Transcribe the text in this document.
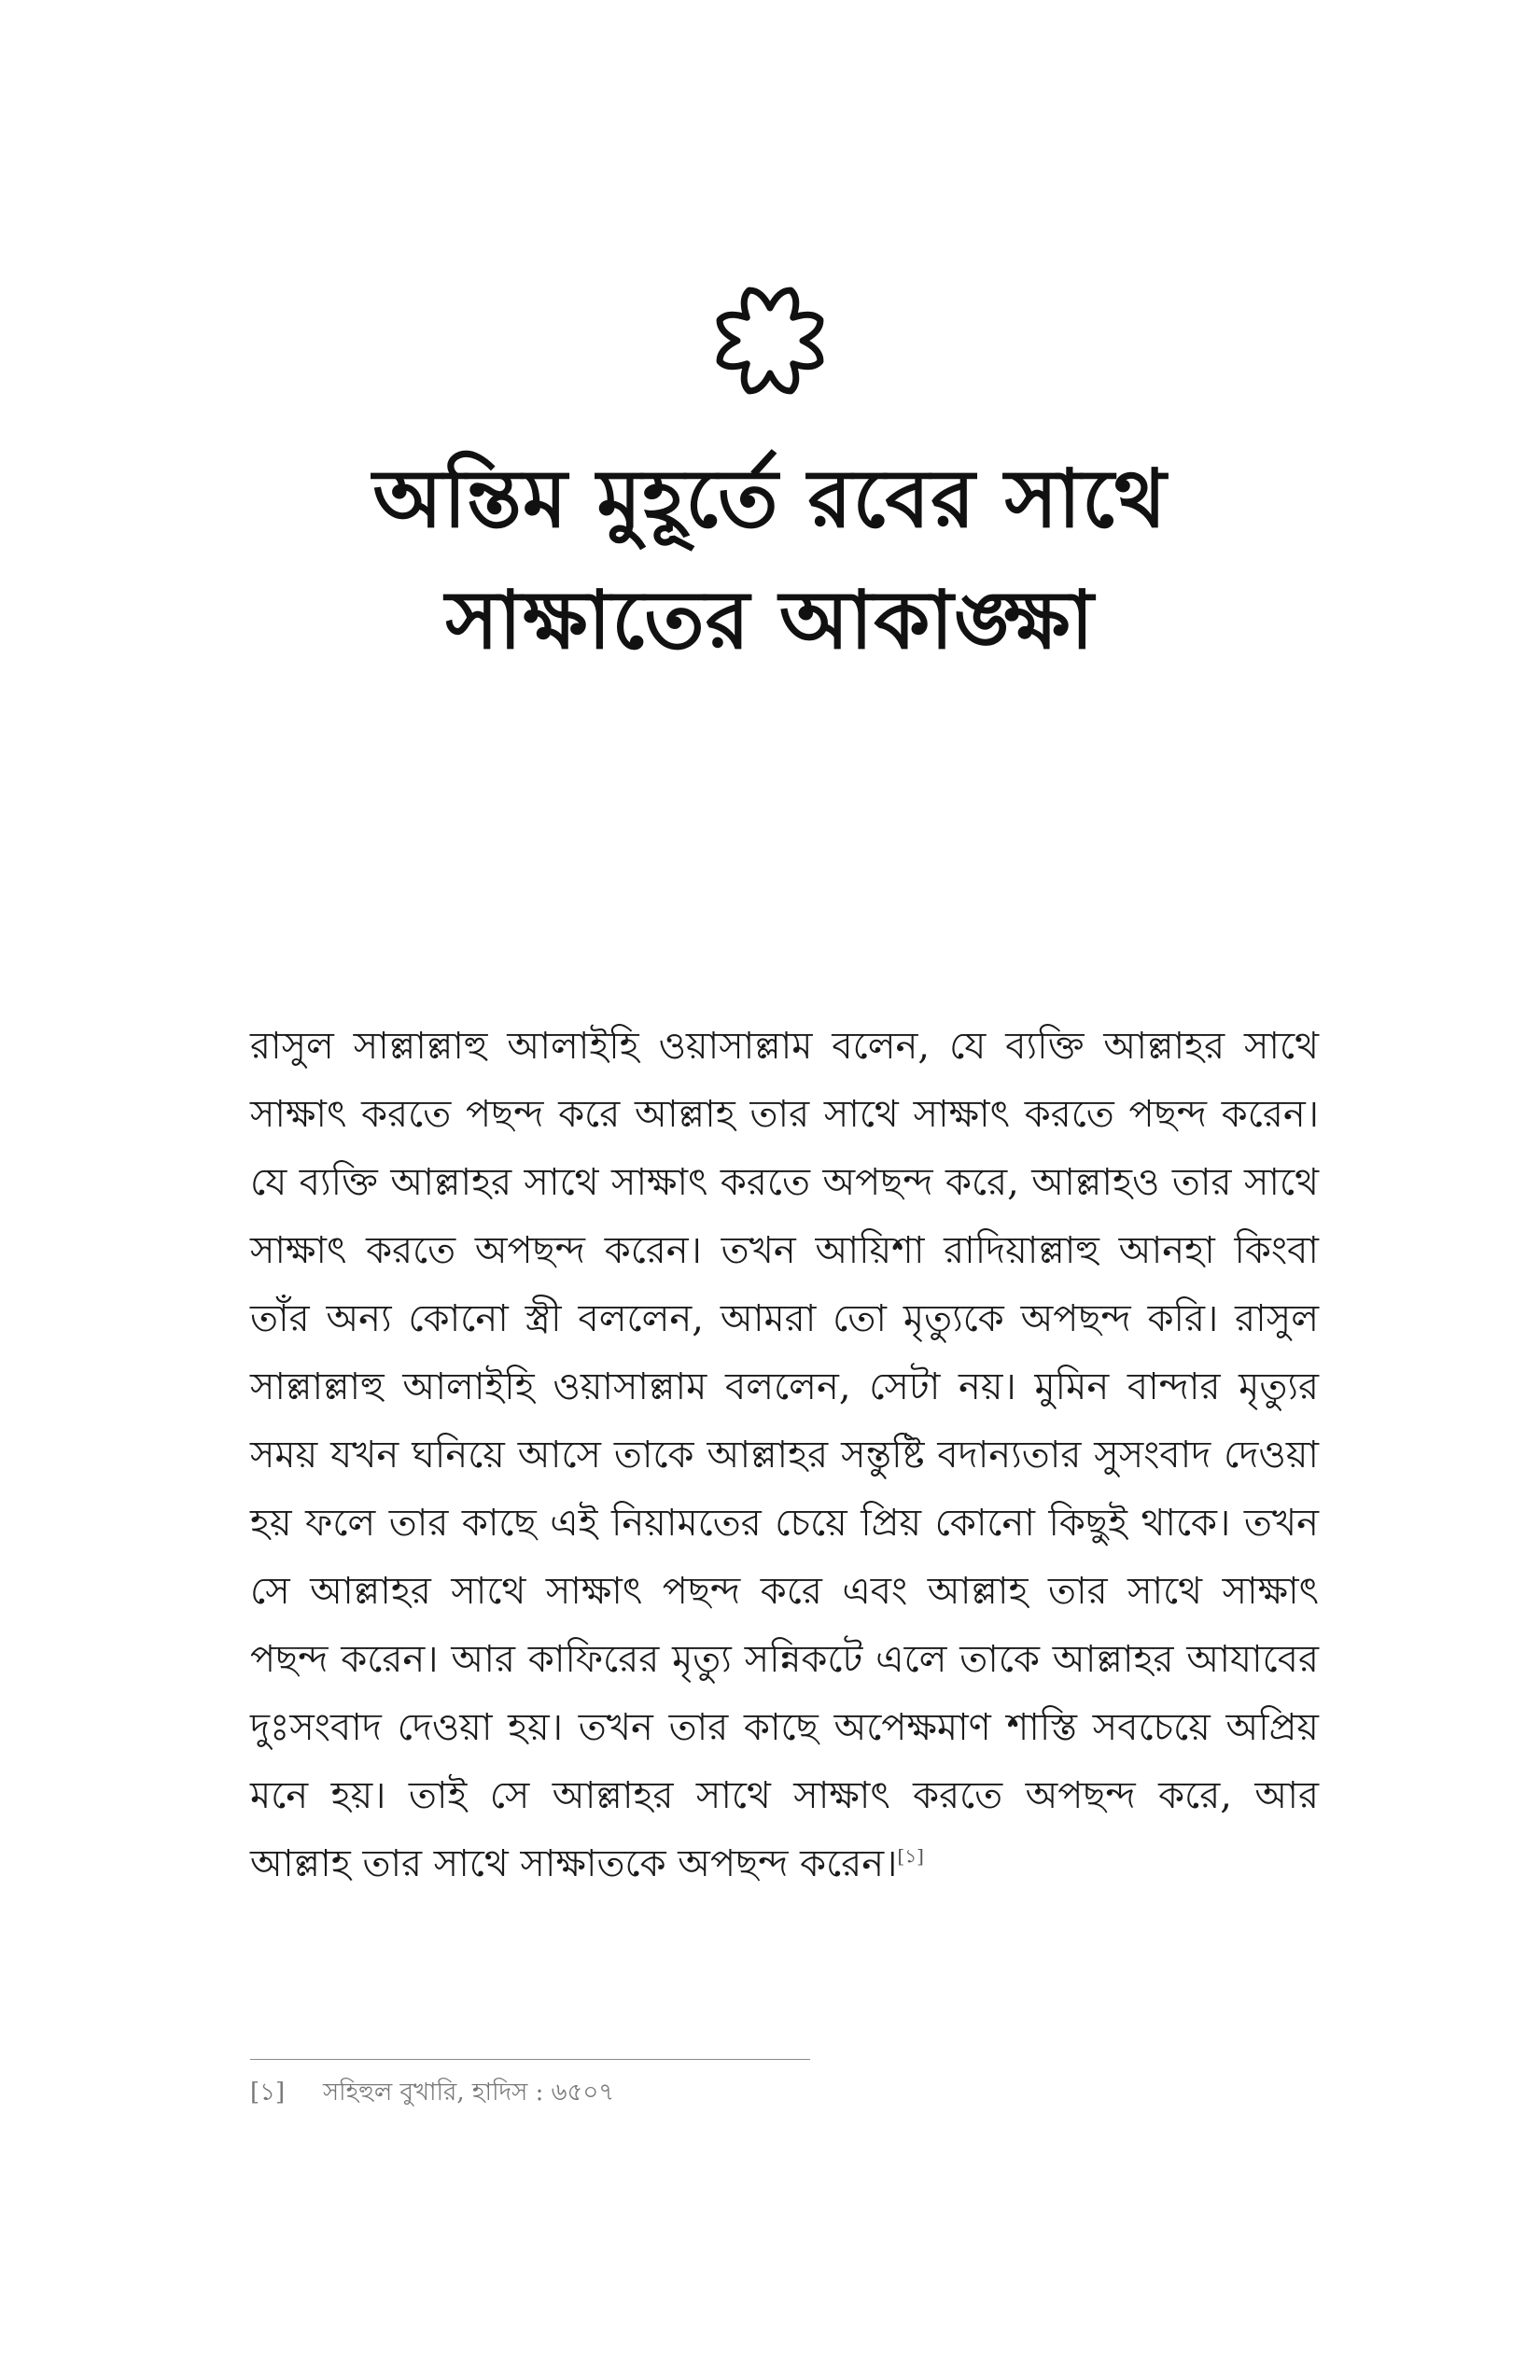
অন্তিম মুহূর্তে রবের সাথে
সাক্ষাতের আকাঙ্ক্ষা

রাসুল সাল্লাল্লাহু আলাইহি ওয়াসাল্লাম বলেন, যে ব্যক্তি আল্লাহর সাথে সাক্ষাৎ করতে পছন্দ করে আল্লাহ তার সাথে সাক্ষাৎ করতে পছন্দ করেন। যে ব্যক্তি আল্লাহর সাথে সাক্ষাৎ করতে অপছন্দ করে, আল্লাহও তার সাথে সাক্ষাৎ করতে অপছন্দ করেন। তখন আয়িশা রাদিয়াল্লাহু আনহা কিংবা তাঁর অন্য কোনো স্ত্রী বললেন, আমরা তো মৃত্যুকে অপছন্দ করি। রাসুল সাল্লাল্লাহু আলাইহি ওয়াসাল্লাম বললেন, সেটা নয়। মুমিন বান্দার মৃত্যুর সময় যখন ঘনিয়ে আসে তাকে আল্লাহর সন্তুষ্টি বদান্যতার সুসংবাদ দেওয়া হয় ফলে তার কাছে এই নিয়ামতের চেয়ে প্রিয় কোনো কিছুই থাকে। তখন সে আল্লাহর সাথে সাক্ষাৎ পছন্দ করে এবং আল্লাহ তার সাথে সাক্ষাৎ পছন্দ করেন। আর কাফিরের মৃত্যু সন্নিকটে এলে তাকে আল্লাহর আযাবের দুঃসংবাদ দেওয়া হয়। তখন তার কাছে অপেক্ষমাণ শাস্তি সবচেয়ে অপ্রিয় মনে হয়। তাই সে আল্লাহর সাথে সাক্ষাৎ করতে অপছন্দ করে, আর আল্লাহ তার সাথে সাক্ষাতকে অপছন্দ করেন।[১]

[১]	সহিহুল বুখারি, হাদিস : ৬৫০৭
